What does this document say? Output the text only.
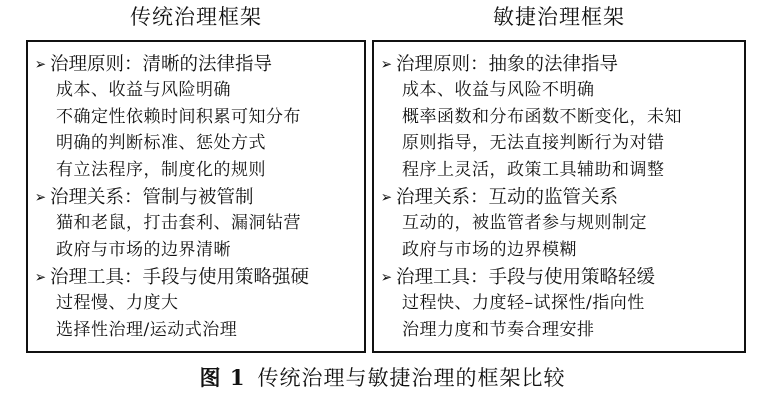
传统治理框架
➢ 治理原则：清晰的法律指导
成本、收益与风险明确
不确定性依赖时间积累可知分布
明确的判断标准、惩处方式
有立法程序，制度化的规则
➢ 治理关系：管制与被管制
猫和老鼠，打击套利、漏洞钻营
政府与市场的边界清晰
➢ 治理工具：手段与使用策略强硬
过程慢、力度大
选择性治理/运动式治理
敏捷治理框架
➢ 治理原则：抽象的法律指导
成本、收益与风险不明确
概率函数和分布函数不断变化，未知
原则指导，无法直接判断行为对错
程序上灵活，政策工具辅助和调整
➢ 治理关系：互动的监管关系
互动的，被监管者参与规则制定
政府与市场的边界模糊
➢ 治理工具：手段与使用策略轻缓
过程快、力度轻–试探性/指向性
治理力度和节奏合理安排
图 1 传统治理与敏捷治理的框架比较
